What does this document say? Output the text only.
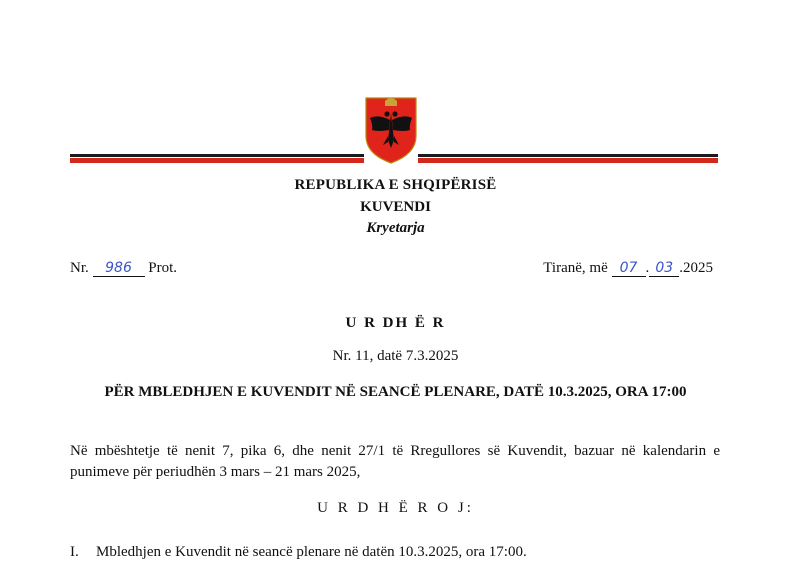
REPUBLIKA E SHQIPËRISË
KUVENDI
Kryetarja
Nr. 986 Prot.	Tiranë, më 07 . 03 .2025
U R DH Ë R
Nr. 11, datë 7.3.2025
PËR MBLEDHJEN E KUVENDIT NË SEANCË PLENARE, DATË 10.3.2025, ORA 17:00
Në mbështetje të nenit 7, pika 6, dhe nenit 27/1 të Rregullores së Kuvendit, bazuar në kalendarin e punimeve për periudhën 3 mars – 21 mars 2025,
U R D H Ë R O J:
I. Mbledhjen e Kuvendit në seancë plenare në datën 10.3.2025, ora 17:00.
